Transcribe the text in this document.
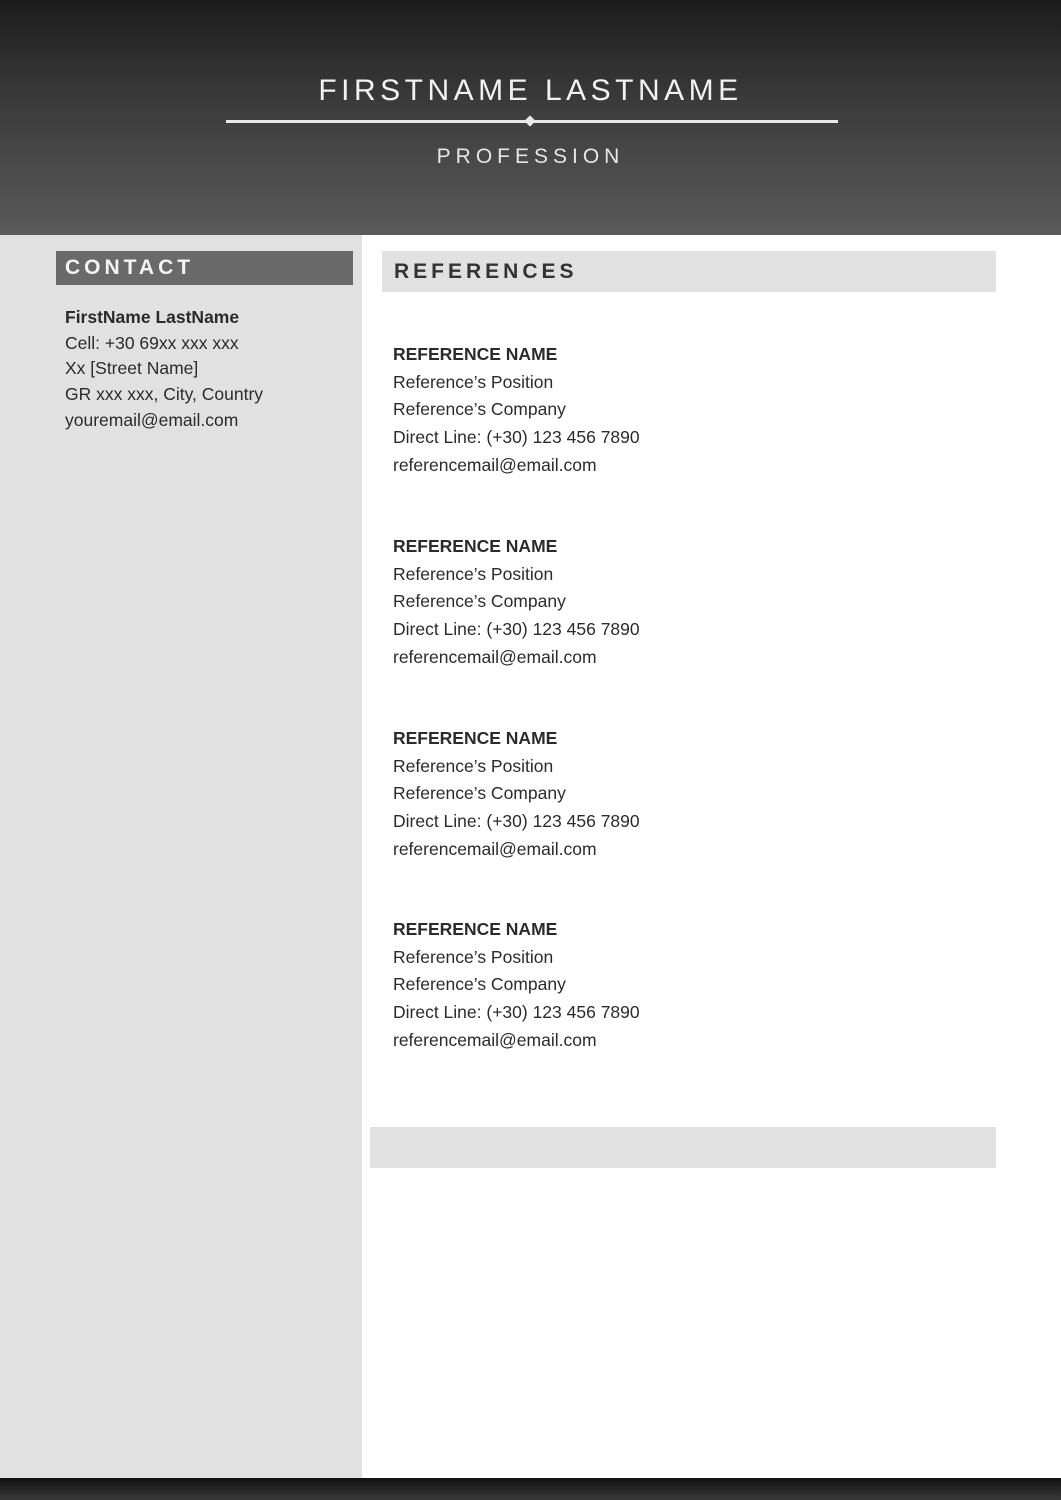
FIRSTNAME LASTNAME
PROFESSION
CONTACT
FirstName LastName
Cell: +30 69xx xxx xxx
Xx [Street Name]
GR xxx xxx, City, Country
youremail@email.com
REFERENCES
REFERENCE NAME
Reference’s Position
Reference’s Company
Direct Line: (+30) 123 456 7890
referencemail@email.com
REFERENCE NAME
Reference’s Position
Reference’s Company
Direct Line: (+30) 123 456 7890
referencemail@email.com
REFERENCE NAME
Reference’s Position
Reference’s Company
Direct Line: (+30) 123 456 7890
referencemail@email.com
REFERENCE NAME
Reference’s Position
Reference’s Company
Direct Line: (+30) 123 456 7890
referencemail@email.com
